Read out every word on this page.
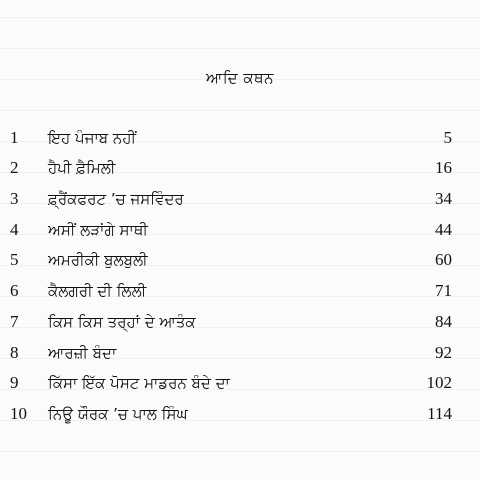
ਆਦਿ ਕਥਨ
1 ਇਹ ਪੰਜਾਬ ਨਹੀਂ	5
2 ਹੈਪੀ ਫ਼ੈਮਿਲੀ	16
3 ਫ਼੍ਰੈਂਕਫਰਟ ’ਚ ਜਸਵਿੰਦਰ	34
4 ਅਸੀਂ ਲੜਾਂਗੇ ਸਾਥੀ	44
5 ਅਮਰੀਕੀ ਬੁਲਬੁਲੀ	60
6 ਕੈਲਗਰੀ ਦੀ ਲਿਲੀ	71
7 ਕਿਸ ਕਿਸ ਤਰ੍ਹਾਂ ਦੇ ਆਤੰਕ	84
8 ਆਰਜ਼ੀ ਬੰਦਾ	92
9 ਕਿੱਸਾ ਇੱਕ ਪੋਸਟ ਮਾਡਰਨ ਬੰਦੇ ਦਾ	102
10 ਨਿਊ ਯੌਰਕ ’ਚ ਪਾਲ ਸਿੰਘ	114
